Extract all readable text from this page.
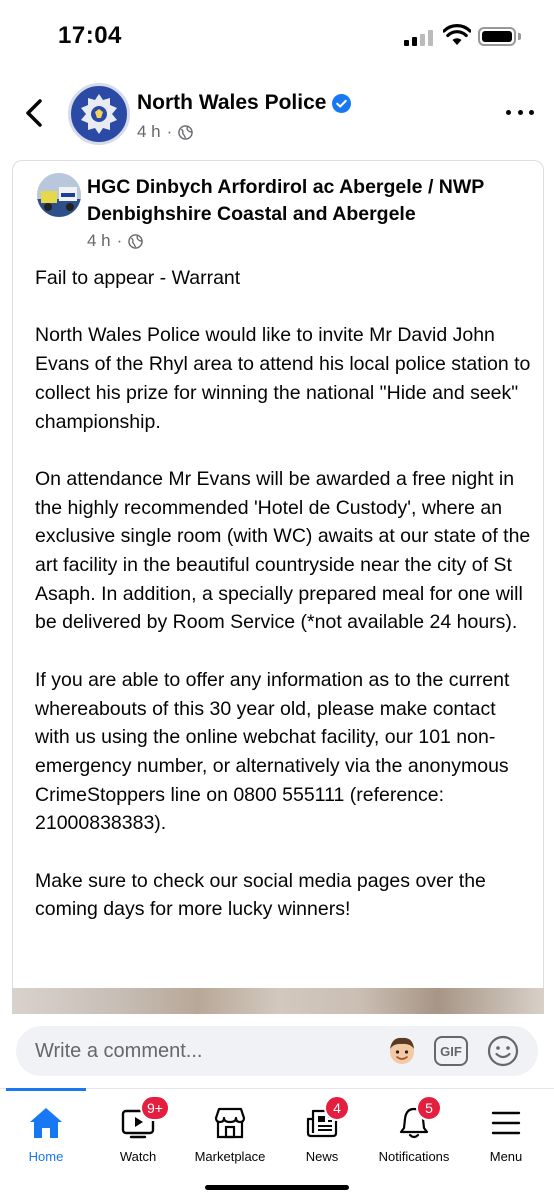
17:04
North Wales Police
4 h ·
HGC Dinbych Arfordirol ac Abergele / NWP Denbighshire Coastal and Abergele
4 h ·

Fail to appear - Warrant

North Wales Police would like to invite Mr David John Evans of the Rhyl area to attend his local police station to collect his prize for winning the national "Hide and seek" championship.

On attendance Mr Evans will be awarded a free night in the highly recommended 'Hotel de Custody', where an exclusive single room (with WC) awaits at our state of the art facility in the beautiful countryside near the city of St Asaph. In addition, a specially prepared meal for one will be delivered by Room Service (*not available 24 hours).

If you are able to offer any information as to the current whereabouts of this 30 year old, please make contact with us using the online webchat facility, our 101 non-emergency number, or alternatively via the anonymous CrimeStoppers line on 0800 555111 (reference: 21000838383).

Make sure to check our social media pages over the coming days for more lucky winners!

Write a comment...	GIF
Home
9+
Watch	Marketplace
4
News
5
Notifications	Menu
